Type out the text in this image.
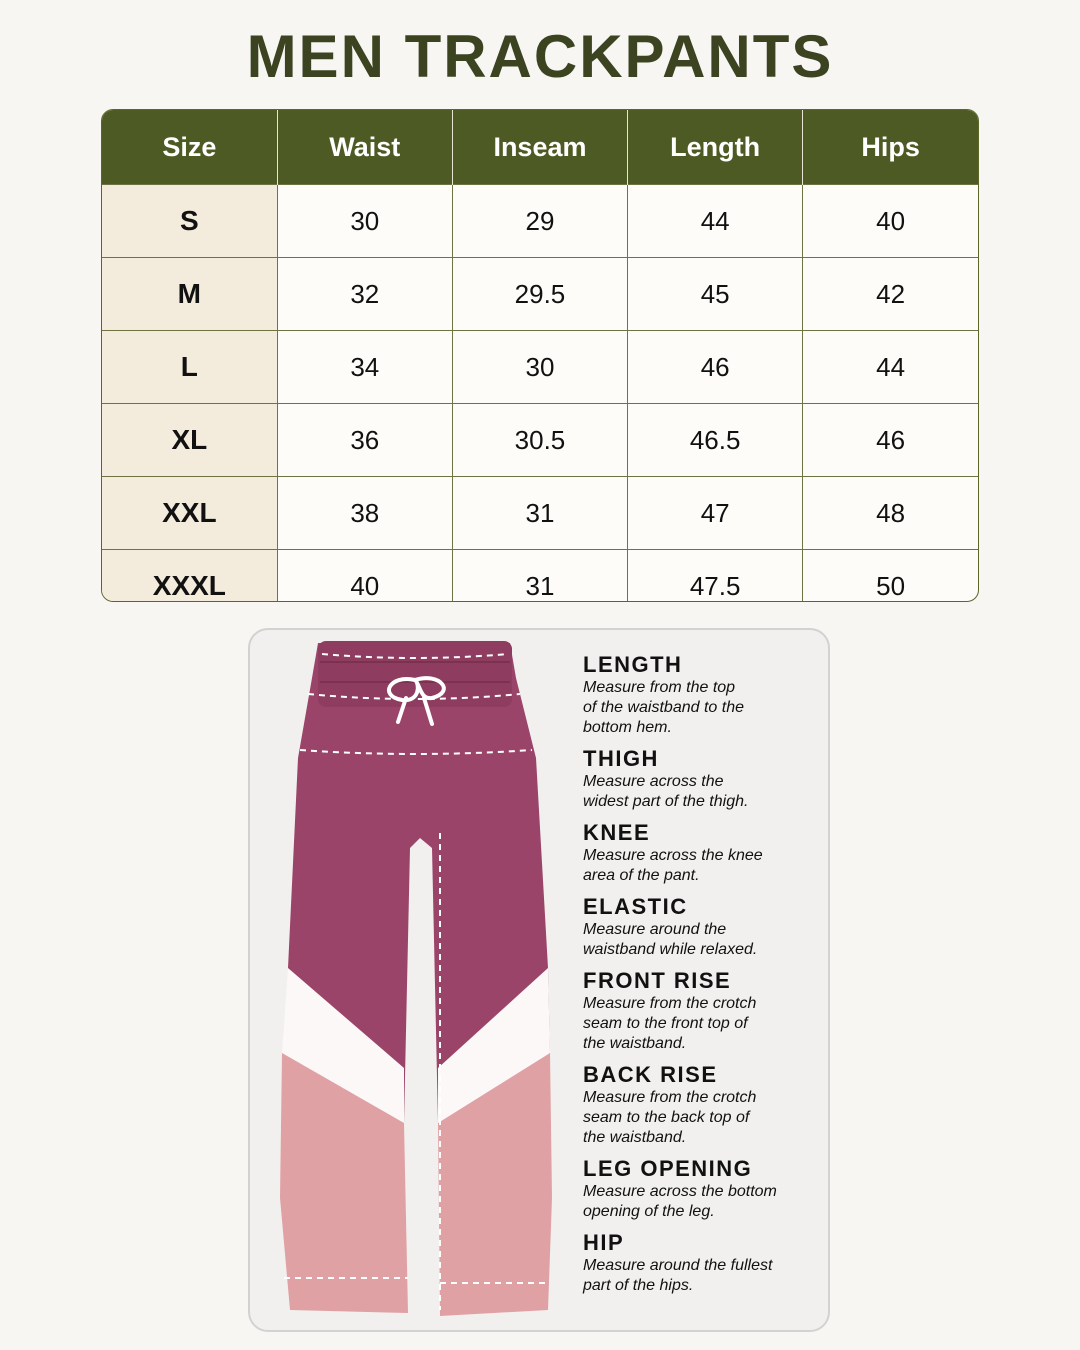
MEN TRACKPANTS
Size	Waist	Inseam	Length	Hips
S	30	29	44	40
M	32	29.5	45	42
L	34	30	46	44
XL	36	30.5	46.5	46
XXL	38	31	47	48
XXXL	40	31	47.5	50
LENGTH
Measure from the top
of the waistband to the
bottom hem.
THIGH
Measure across the
widest part of the thigh.
KNEE
Measure across the knee
area of the pant.
ELASTIC
Measure around the
waistband while relaxed.
FRONT RISE
Measure from the crotch
seam to the front top of
the waistband.
BACK RISE
Measure from the crotch
seam to the back top of
the waistband.
LEG OPENING
Measure across the bottom
opening of the leg.
HIP
Measure around the fullest
part of the hips.
